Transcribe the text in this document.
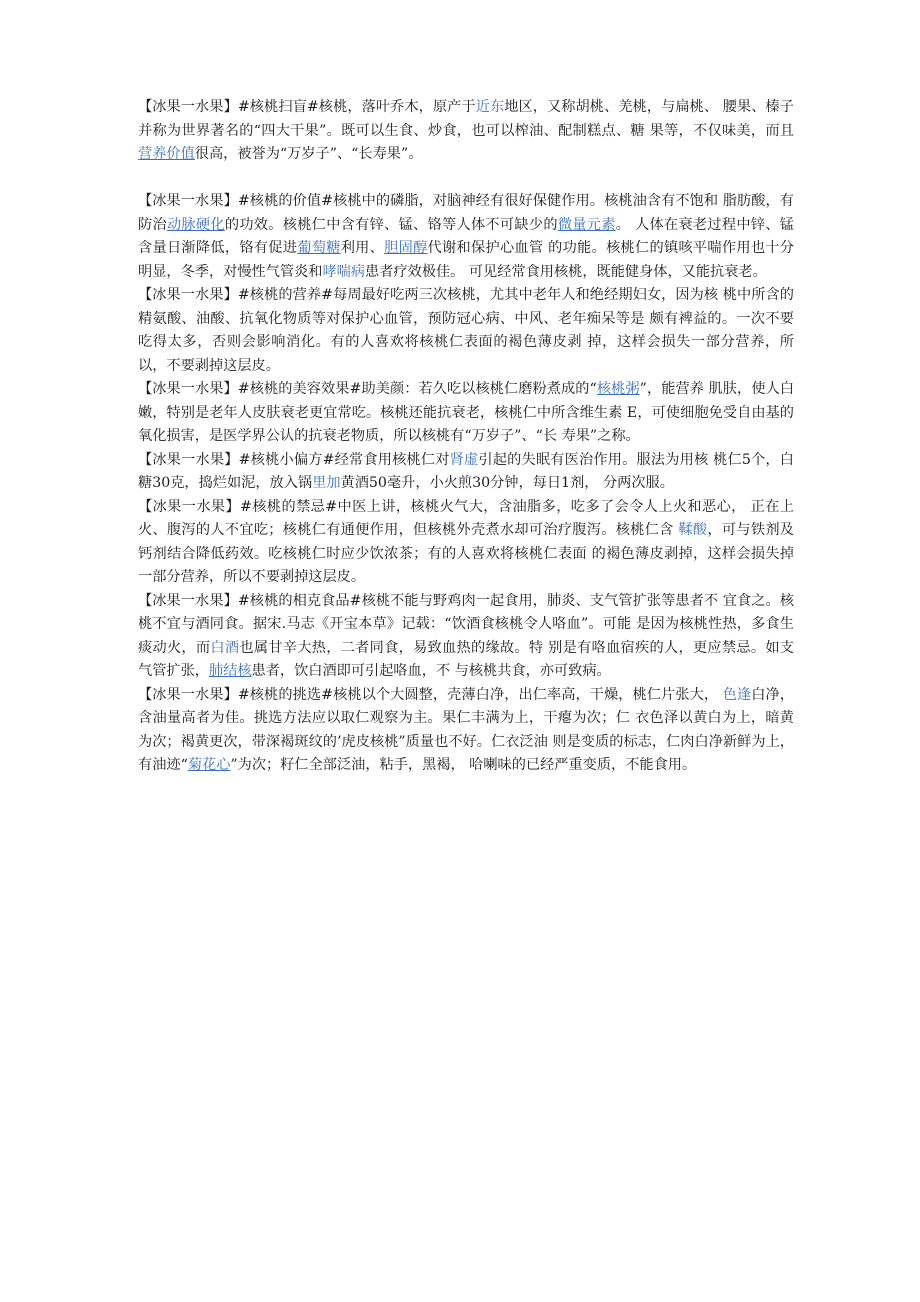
【冰果一水果】#核桃扫盲#核桃，落叶乔木，原产于近东地区，又称胡桃、羌桃，与扁桃、 腰果、榛子并称为世界著名的“四大干果”。既可以生食、炒食，也可以榨油、配制糕点、糖 果等，不仅味美，而且营养价值很高，被誉为“万岁子”、“长寿果”。

【冰果一水果】#核桃的价值#核桃中的磷脂，对脑神经有很好保健作用。核桃油含有不饱和 脂肪酸，有防治动脉硬化的功效。核桃仁中含有锌、锰、铬等人体不可缺少的微量元素。 人体在衰老过程中锌、锰含量日渐降低，铬有促进葡萄糖利用、胆固醇代谢和保护心血管 的功能。核桃仁的镇咳平喘作用也十分明显，冬季，对慢性气管炎和哮喘病患者疗效极佳。 可见经常食用核桃，既能健身体，又能抗衰老。

【冰果一水果】#核桃的营养#每周最好吃两三次核桃，尤其中老年人和绝经期妇女，因为核 桃中所含的精氨酸、油酸、抗氧化物质等对保护心血管，预防冠心病、中风、老年痴呆等是 颇有裨益的。一次不要吃得太多，否则会影响消化。有的人喜欢将核桃仁表面的褐色薄皮剥 掉，这样会损失一部分营养，所以，不要剥掉这层皮。

【冰果一水果】#核桃的美容效果#助美颜：若久吃以核桃仁磨粉煮成的“核桃粥”，能营养 肌肤，使人白嫩，特别是老年人皮肤衰老更宜常吃。核桃还能抗衰老，核桃仁中所含维生素 E，可使细胞免受自由基的氧化损害，是医学界公认的抗衰老物质，所以核桃有“万岁子”、“长 寿果”之称。

【冰果一水果】#核桃小偏方#经常食用核桃仁对肾虚引起的失眠有医治作用。服法为用核 桃仁5个，白糖30克，捣烂如泥，放入锅里加黄酒50毫升，小火煎30分钟，每日1剂， 分两次服。

【冰果一水果】#核桃的禁忌#中医上讲，核桃火气大，含油脂多，吃多了会令人上火和恶心， 正在上火、腹泻的人不宜吃；核桃仁有通便作用，但核桃外壳煮水却可治疗腹泻。核桃仁含 鞣酸，可与铁剂及钙剂结合降低药效。吃核桃仁时应少饮浓茶；有的人喜欢将核桃仁表面 的褐色薄皮剥掉，这样会损失掉一部分营养，所以不要剥掉这层皮。

【冰果一水果】#核桃的相克食品#核桃不能与野鸡肉一起食用，肺炎、支气管扩张等患者不 宜食之。核桃不宜与酒同食。据宋.马志《开宝本草》记载：“饮酒食核桃令人咯血”。可能 是因为核桃性热，多食生痰动火，而白酒也属甘辛大热，二者同食，易致血热的缘故。特 别是有咯血宿疾的人，更应禁忌。如支气管扩张，肺结核患者，饮白酒即可引起咯血，不 与核桃共食，亦可致病。

【冰果一水果】#核桃的挑选#核桃以个大圆整，壳薄白净，出仁率高，干燥，桃仁片张大， 色逢白净，含油量高者为佳。挑选方法应以取仁观察为主。果仁丰满为上，干瘪为次；仁 衣色泽以黄白为上，暗黄为次；褐黄更次，带深褐斑纹的’虎皮核桃”质量也不好。仁衣泛油 则是变质的标志，仁肉白净新鲜为上，有油迹“菊花心”为次；籽仁全部泛油，粘手，黑褐， 哈喇味的已经严重变质，不能食用。
